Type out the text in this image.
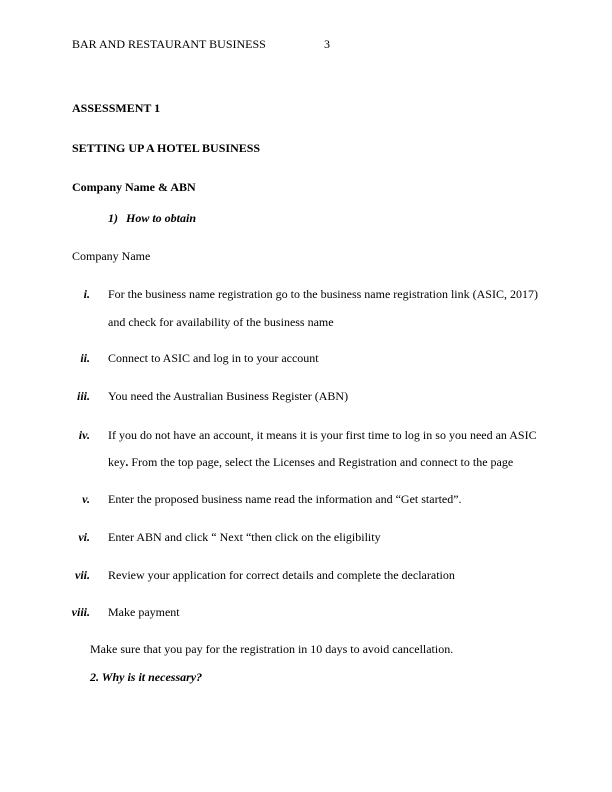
BAR AND RESTAURANT BUSINESS	3
ASSESSMENT 1
SETTING UP A HOTEL BUSINESS
Company Name & ABN
1) How to obtain
Company Name
i. For the business name registration go to the business name registration link (ASIC, 2017)
and check for availability of the business name
ii. Connect to ASIC and log in to your account
iii. You need the Australian Business Register (ABN)
iv. If you do not have an account, it means it is your first time to log in so you need an ASIC
key. From the top page, select the Licenses and Registration and connect to the page
v. Enter the proposed business name read the information and “Get started”.
vi. Enter ABN and click “ Next “then click on the eligibility
vii. Review your application for correct details and complete the declaration
viii. Make payment
Make sure that you pay for the registration in 10 days to avoid cancellation.
2. Why is it necessary?
